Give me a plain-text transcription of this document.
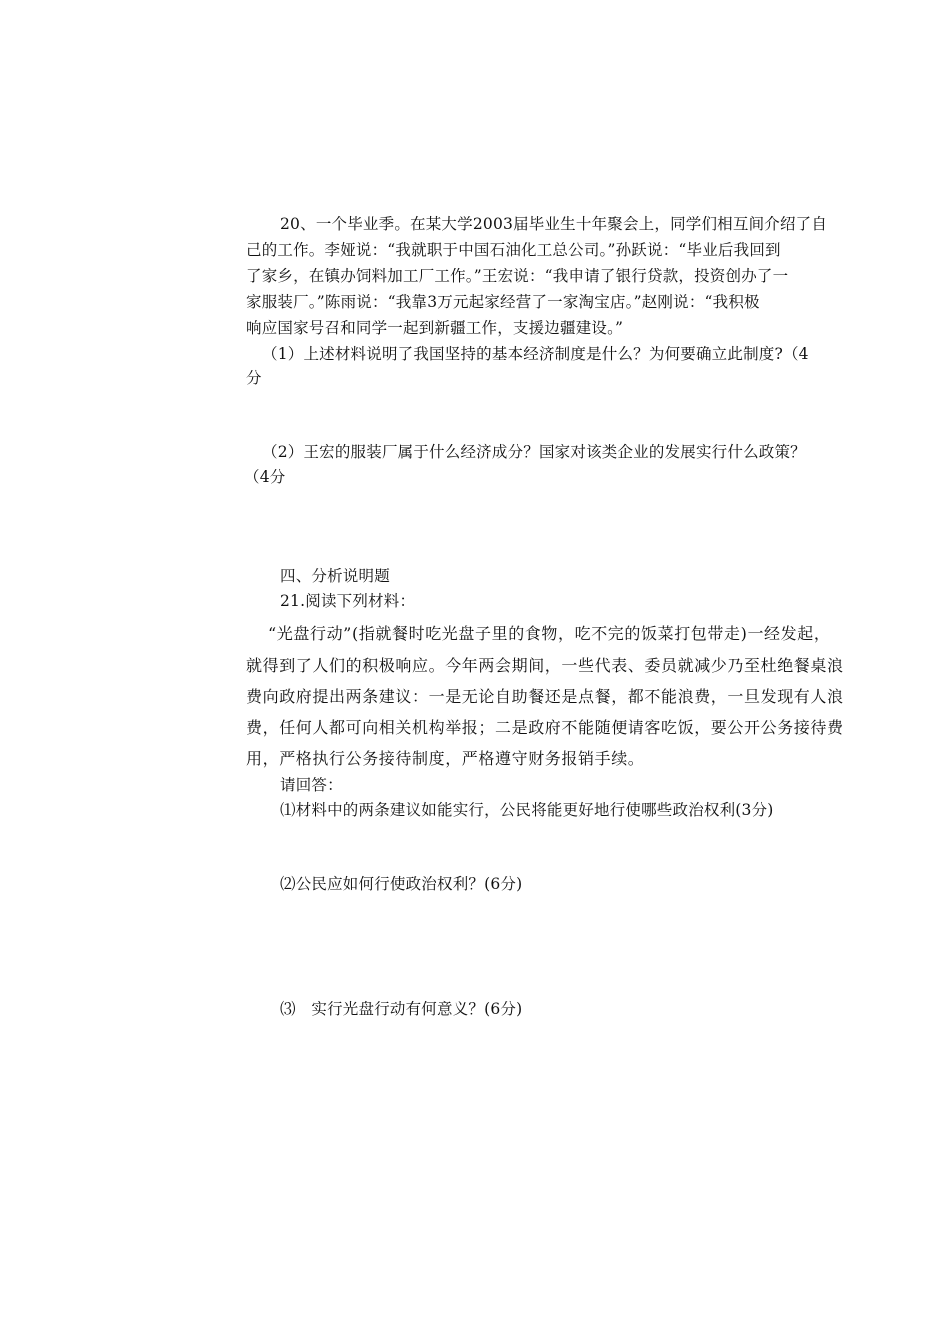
20、一个毕业季。在某大学2003届毕业生十年聚会上，同学们相互间介绍了自
己的工作。李娅说：“我就职于中国石油化工总公司。”孙跃说：“毕业后我回到
了家乡，在镇办饲料加工厂工作。”王宏说：“我申请了银行贷款，投资创办了一
家服装厂。”陈雨说：“我靠3万元起家经营了一家淘宝店。”赵刚说：“我积极
响应国家号召和同学一起到新疆工作，支援边疆建设。”
（1）上述材料说明了我国坚持的基本经济制度是什么？为何要确立此制度?（4
分
（2）王宏的服装厂属于什么经济成分？国家对该类企业的发展实行什么政策？
（4分
四、分析说明题
21.阅读下列材料：
“光盘行动”(指就餐时吃光盘子里的食物，吃不完的饭菜打包带走)一经发起，
就得到了人们的积极响应。今年两会期间，一些代表、委员就减少乃至杜绝餐桌浪
费向政府提出两条建议：一是无论自助餐还是点餐，都不能浪费，一旦发现有人浪
费，任何人都可向相关机构举报；二是政府不能随便请客吃饭，要公开公务接待费
用，严格执行公务接待制度，严格遵守财务报销手续。
请回答：
⑴材料中的两条建议如能实行，公民将能更好地行使哪些政治权利(3分)
⑵公民应如何行使政治权利？(6分)
⑶　实行光盘行动有何意义？(6分)
